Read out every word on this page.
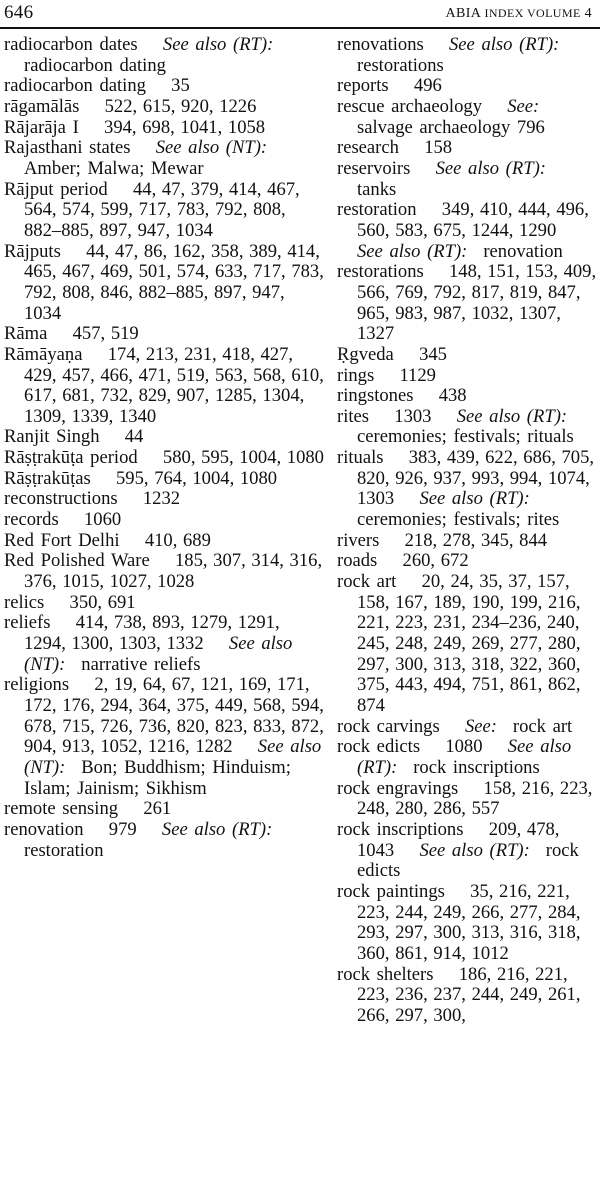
646	ABIA INDEX VOLUME 4
radiocarbon dates  See also (RT):  radiocarbon dating
radiocarbon dating  35
rāgamālās  522, 615, 920, 1226
Rājarāja I  394, 698, 1041, 1058
Rajasthani states  See also (NT):  Amber; Malwa; Mewar
Rājput period  44, 47, 379, 414, 467, 564, 574, 599, 717, 783, 792, 808, 882–885, 897, 947, 1034
Rājputs  44, 47, 86, 162, 358, 389, 414, 465, 467, 469, 501, 574, 633, 717, 783, 792, 808, 846, 882–885, 897, 947, 1034
Rāma  457, 519
Rāmāyaṇa  174, 213, 231, 418, 427, 429, 457, 466, 471, 519, 563, 568, 610, 617, 681, 732, 829, 907, 1285, 1304, 1309, 1339, 1340
Ranjit Singh  44
Rāṣṭrakūṭa period  580, 595, 1004, 1080
Rāṣṭrakūṭas  595, 764, 1004, 1080
reconstructions  1232
records  1060
Red Fort Delhi  410, 689
Red Polished Ware  185, 307, 314, 316, 376, 1015, 1027, 1028
relics  350, 691
reliefs  414, 738, 893, 1279, 1291, 1294, 1300, 1303, 1332  See also (NT):  narrative reliefs
religions  2, 19, 64, 67, 121, 169, 171, 172, 176, 294, 364, 375, 449, 568, 594, 678, 715, 726, 736, 820, 823, 833, 872, 904, 913, 1052, 1216, 1282  See also (NT):  Bon; Buddhism; Hinduism; Islam; Jainism; Sikhism
remote sensing  261
renovation  979  See also (RT):  restoration
renovations  See also (RT):  restorations
reports  496
rescue archaeology  See:  salvage archaeology 796
research  158
reservoirs  See also (RT):  tanks
restoration  349, 410, 444, 496, 560, 583, 675, 1244, 1290  See also (RT):  renovation
restorations  148, 151, 153, 409, 566, 769, 792, 817, 819, 847, 965, 983, 987, 1032, 1307, 1327
Ṛgveda  345
rings  1129
ringstones  438
rites  1303  See also (RT):  ceremonies; festivals; rituals
rituals  383, 439, 622, 686, 705, 820, 926, 937, 993, 994, 1074, 1303  See also (RT):  ceremonies; festivals; rites
rivers  218, 278, 345, 844
roads  260, 672
rock art  20, 24, 35, 37, 157, 158, 167, 189, 190, 199, 216, 221, 223, 231, 234–236, 240, 245, 248, 249, 269, 277, 280, 297, 300, 313, 318, 322, 360, 375, 443, 494, 751, 861, 862, 874
rock carvings  See:  rock art
rock edicts  1080  See also (RT):  rock inscriptions
rock engravings  158, 216, 223, 248, 280, 286, 557
rock inscriptions  209, 478, 1043  See also (RT):  rock edicts
rock paintings  35, 216, 221, 223, 244, 249, 266, 277, 284, 293, 297, 300, 313, 316, 318, 360, 861, 914, 1012
rock shelters  186, 216, 221, 223, 236, 237, 244, 249, 261, 266, 297, 300,
